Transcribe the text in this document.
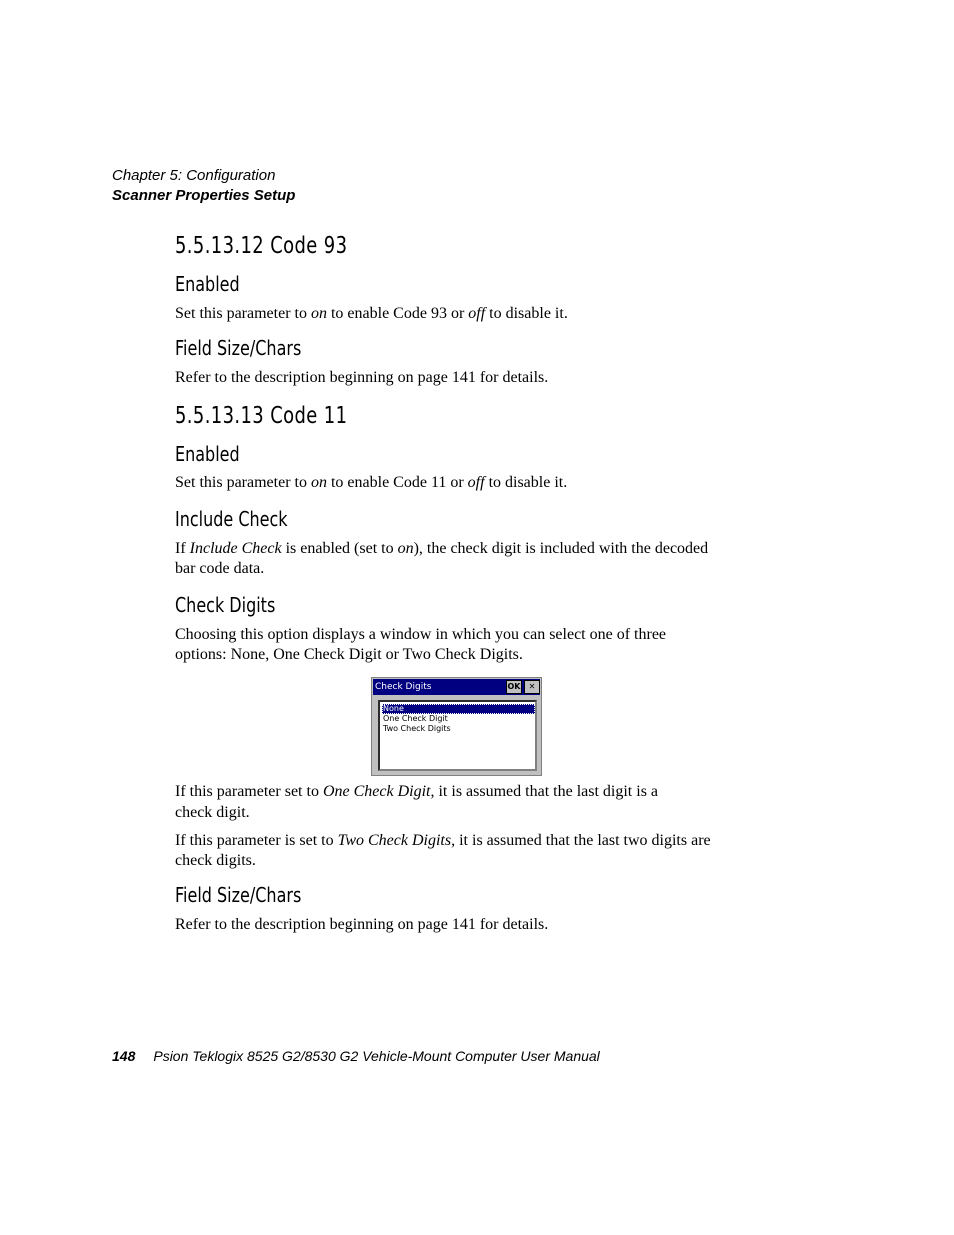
Chapter 5: Configuration
Scanner Properties Setup
5.5.13.12 Code 93
Enabled
Set this parameter to on to enable Code 93 or off to disable it.
Field Size/Chars
Refer to the description beginning on page 141 for details.
5.5.13.13 Code 11
Enabled
Set this parameter to on to enable Code 11 or off to disable it.
Include Check
If Include Check is enabled (set to on), the check digit is included with the decoded
bar code data.
Check Digits
Choosing this option displays a window in which you can select one of three
options: None, One Check Digit or Two Check Digits.
Check Digits	OK	✕
None
One Check Digit
Two Check Digits
If this parameter set to One Check Digit, it is assumed that the last digit is a
check digit.
If this parameter is set to Two Check Digits, it is assumed that the last two digits are
check digits.
Field Size/Chars
Refer to the description beginning on page 141 for details.
148 Psion Teklogix 8525 G2/8530 G2 Vehicle-Mount Computer User Manual
